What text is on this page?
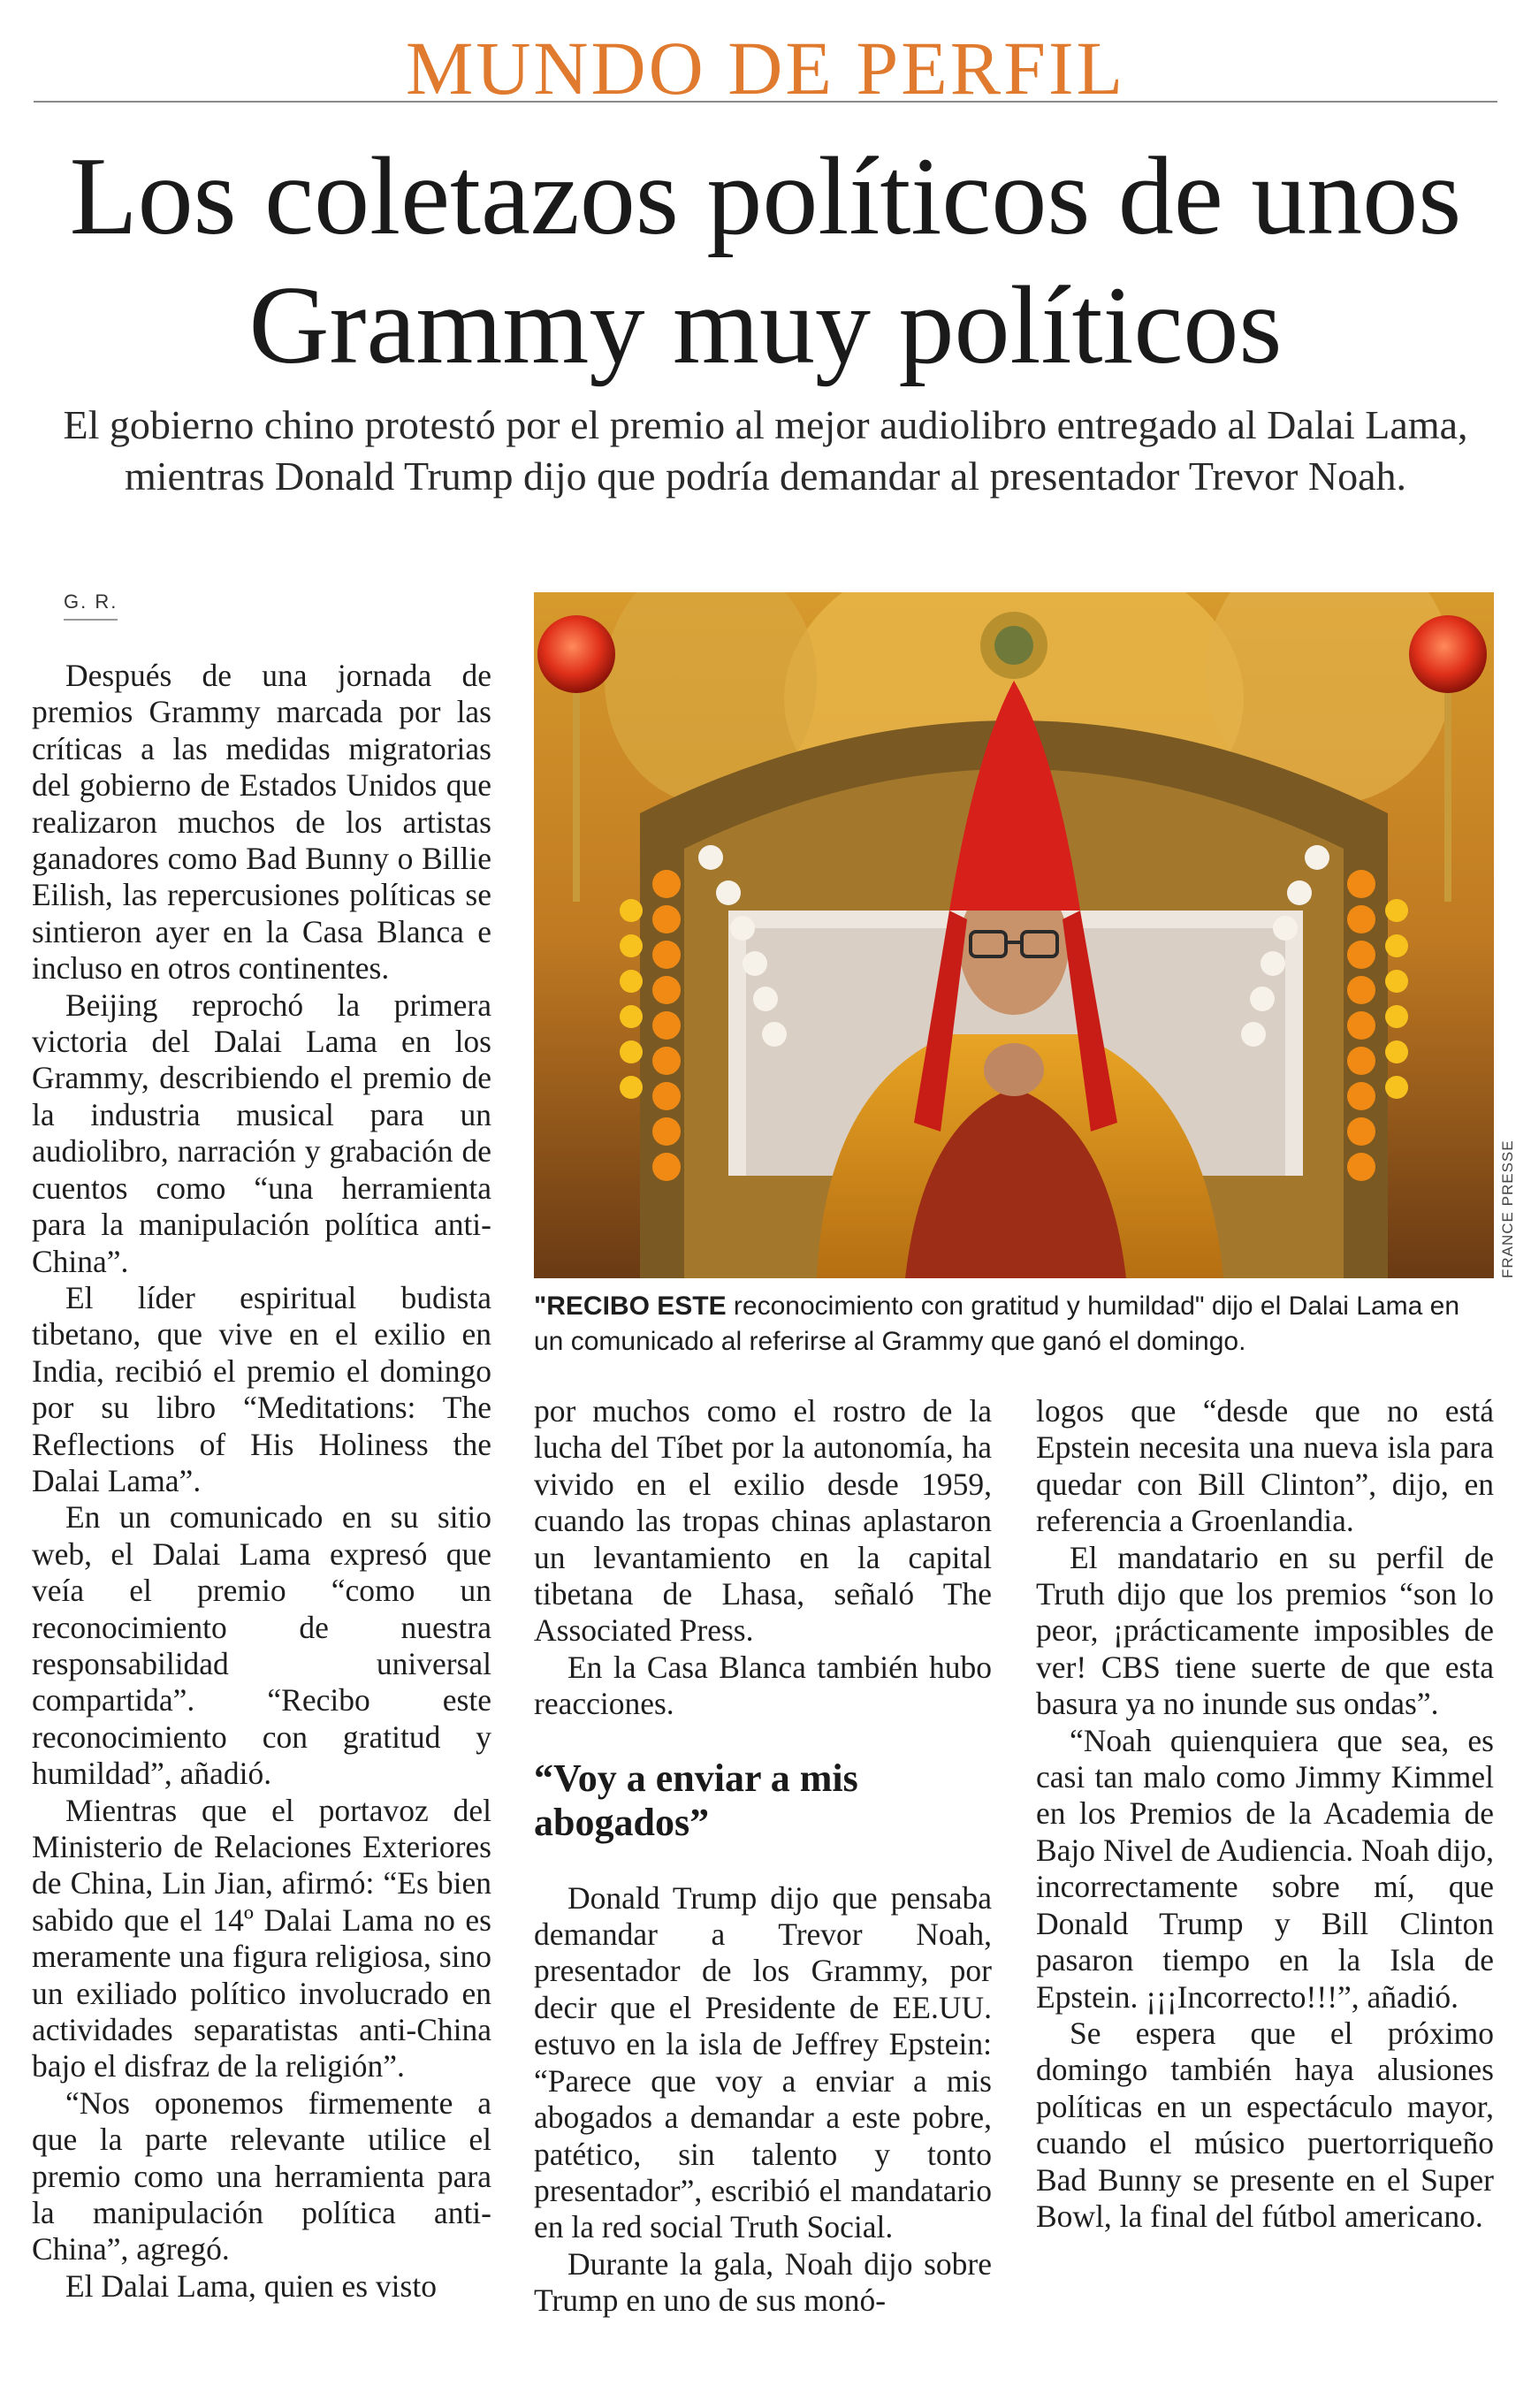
MUNDO DE PERFIL
Los coletazos políticos de unos Grammy muy políticos
El gobierno chino protestó por el premio al mejor audiolibro entregado al Dalai Lama, mientras Donald Trump dijo que podría demandar al presentador Trevor Noah.
G. R.

Después de una jornada de premios Grammy marcada por las críticas a las medidas migratorias del gobierno de Estados Unidos que realizaron muchos de los artistas ganadores como Bad Bunny o Billie Eilish, las repercusiones políticas se sintieron ayer en la Casa Blanca e incluso en otros continentes.

Beijing reprochó la primera victoria del Dalai Lama en los Grammy, describiendo el premio de la industria musical para un audiolibro, narración y grabación de cuentos como “una herramienta para la manipulación política anti-China”.

El líder espiritual budista tibetano, que vive en el exilio en India, recibió el premio el domingo por su libro “Meditations: The Reflections of His Holiness the Dalai Lama”.

En un comunicado en su sitio web, el Dalai Lama expresó que veía el premio “como un reconocimiento de nuestra responsabilidad universal compartida”. “Recibo este reconocimiento con gratitud y humildad”, añadió.

Mientras que el portavoz del Ministerio de Relaciones Exteriores de China, Lin Jian, afirmó: “Es bien sabido que el 14º Dalai Lama no es meramente una figura religiosa, sino un exiliado político involucrado en actividades separatistas anti-China bajo el disfraz de la religión”.

“Nos oponemos firmemente a que la parte relevante utilice el premio como una herramienta para la manipulación política anti-China”, agregó.

El Dalai Lama, quien es visto

FRANCE PRESSE
"RECIBO ESTE reconocimiento con gratitud y humildad" dijo el Dalai Lama en un comunicado al referirse al Grammy que ganó el domingo.

por muchos como el rostro de la lucha del Tíbet por la autonomía, ha vivido en el exilio desde 1959, cuando las tropas chinas aplastaron un levantamiento en la capital tibetana de Lhasa, señaló The Associated Press.

En la Casa Blanca también hubo reacciones.

“Voy a enviar a mis abogados”

Donald Trump dijo que pensaba demandar a Trevor Noah, presentador de los Grammy, por decir que el Presidente de EE.UU. estuvo en la isla de Jeffrey Epstein: “Parece que voy a enviar a mis abogados a demandar a este pobre, patético, sin talento y tonto presentador”, escribió el mandatario en la red social Truth Social.

Durante la gala, Noah dijo sobre Trump en uno de sus monó-

logos que “desde que no está Epstein necesita una nueva isla para quedar con Bill Clinton”, dijo, en referencia a Groenlandia.

El mandatario en su perfil de Truth dijo que los premios “son lo peor, ¡prácticamente imposibles de ver! CBS tiene suerte de que esta basura ya no inunde sus ondas”.

“Noah quienquiera que sea, es casi tan malo como Jimmy Kimmel en los Premios de la Academia de Bajo Nivel de Audiencia. Noah dijo, incorrectamente sobre mí, que Donald Trump y Bill Clinton pasaron tiempo en la Isla de Epstein. ¡¡¡Incorrecto!!!”, añadió.

Se espera que el próximo domingo también haya alusiones políticas en un espectáculo mayor, cuando el músico puertorriqueño Bad Bunny se presente en el Super Bowl, la final del fútbol americano.
